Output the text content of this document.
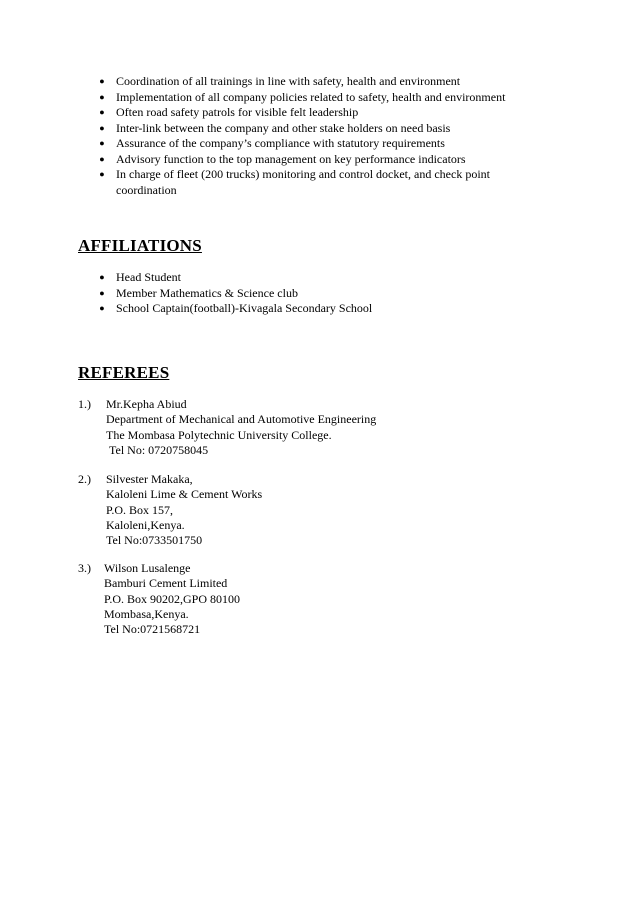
● Coordination of all trainings in line with safety, health and environment
● Implementation of all company policies related to safety, health and environment
● Often road safety patrols for visible felt leadership
● Inter-link between the company and other stake holders on need basis
● Assurance of the company’s compliance with statutory requirements
● Advisory function to the top management on key performance indicators
● In charge of fleet (200 trucks) monitoring and control docket, and check point
coordination
AFFILIATIONS
● Head Student
● Member Mathematics & Science club
● School Captain(football)-Kivagala Secondary School
REFEREES
1.) Mr.Kepha Abiud
Department of Mechanical and Automotive Engineering
The Mombasa Polytechnic University College.
Tel No: 0720758045
2.) Silvester Makaka,
Kaloleni Lime & Cement Works
P.O. Box 157,
Kaloleni,Kenya.
Tel No:0733501750
3.) Wilson Lusalenge
Bamburi Cement Limited
P.O. Box 90202,GPO 80100
Mombasa,Kenya.
Tel No:0721568721
